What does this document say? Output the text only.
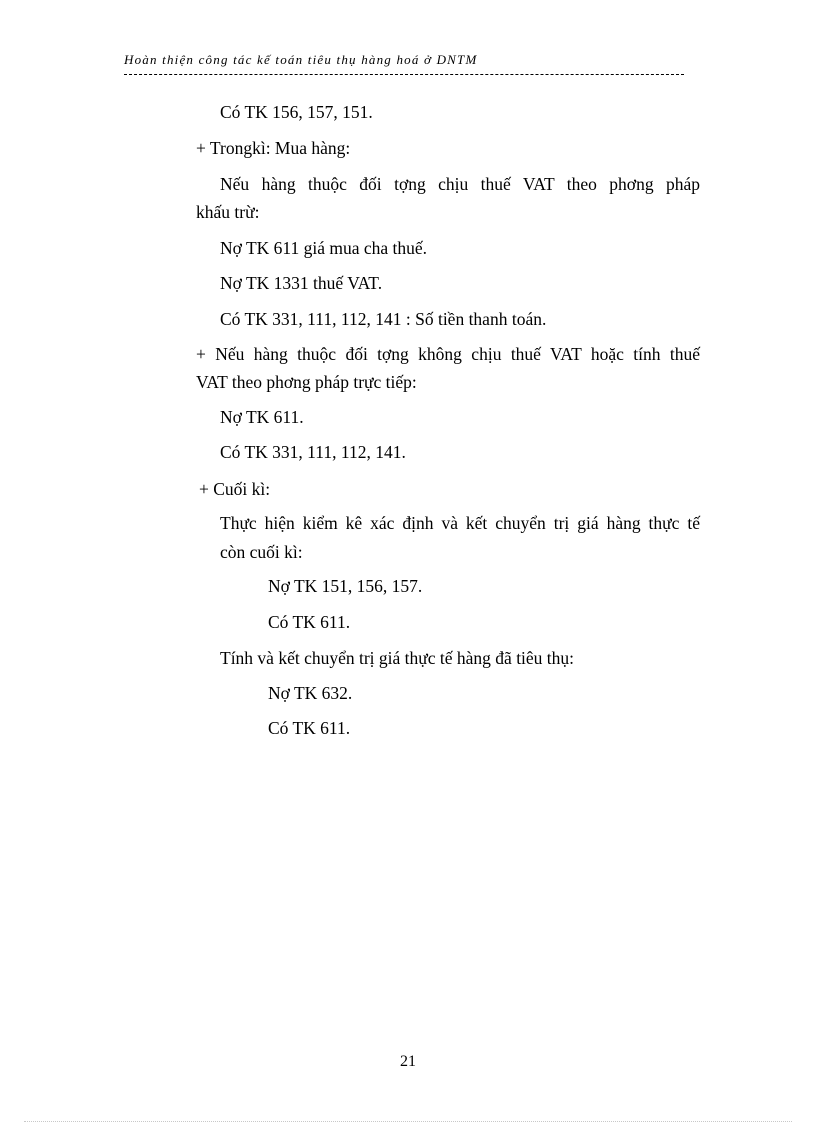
Hoàn thiện công tác kế toán tiêu thụ hàng hoá ở DNTM
Có TK 156, 157, 151.
+ Trongkì: Mua hàng:
Nếu hàng thuộc đối tợng chịu thuế VAT theo phơng pháp
khấu trừ:
Nợ TK 611 giá mua cha thuế.
Nợ TK 1331 thuế VAT.
Có TK 331, 111, 112, 141 : Số tiền thanh toán.
+ Nếu hàng thuộc đối tợng không chịu thuế VAT hoặc tính thuế
VAT theo phơng pháp trực tiếp:
Nợ TK 611.
Có TK 331, 111, 112, 141.
+ Cuối kì:
Thực hiện kiểm kê xác định và kết chuyển trị giá hàng thực tế
còn cuối kì:
Nợ TK 151, 156, 157.
Có TK 611.
Tính và kết chuyển trị giá thực tế hàng đã tiêu thụ:
Nợ TK 632.
Có TK 611.
21
